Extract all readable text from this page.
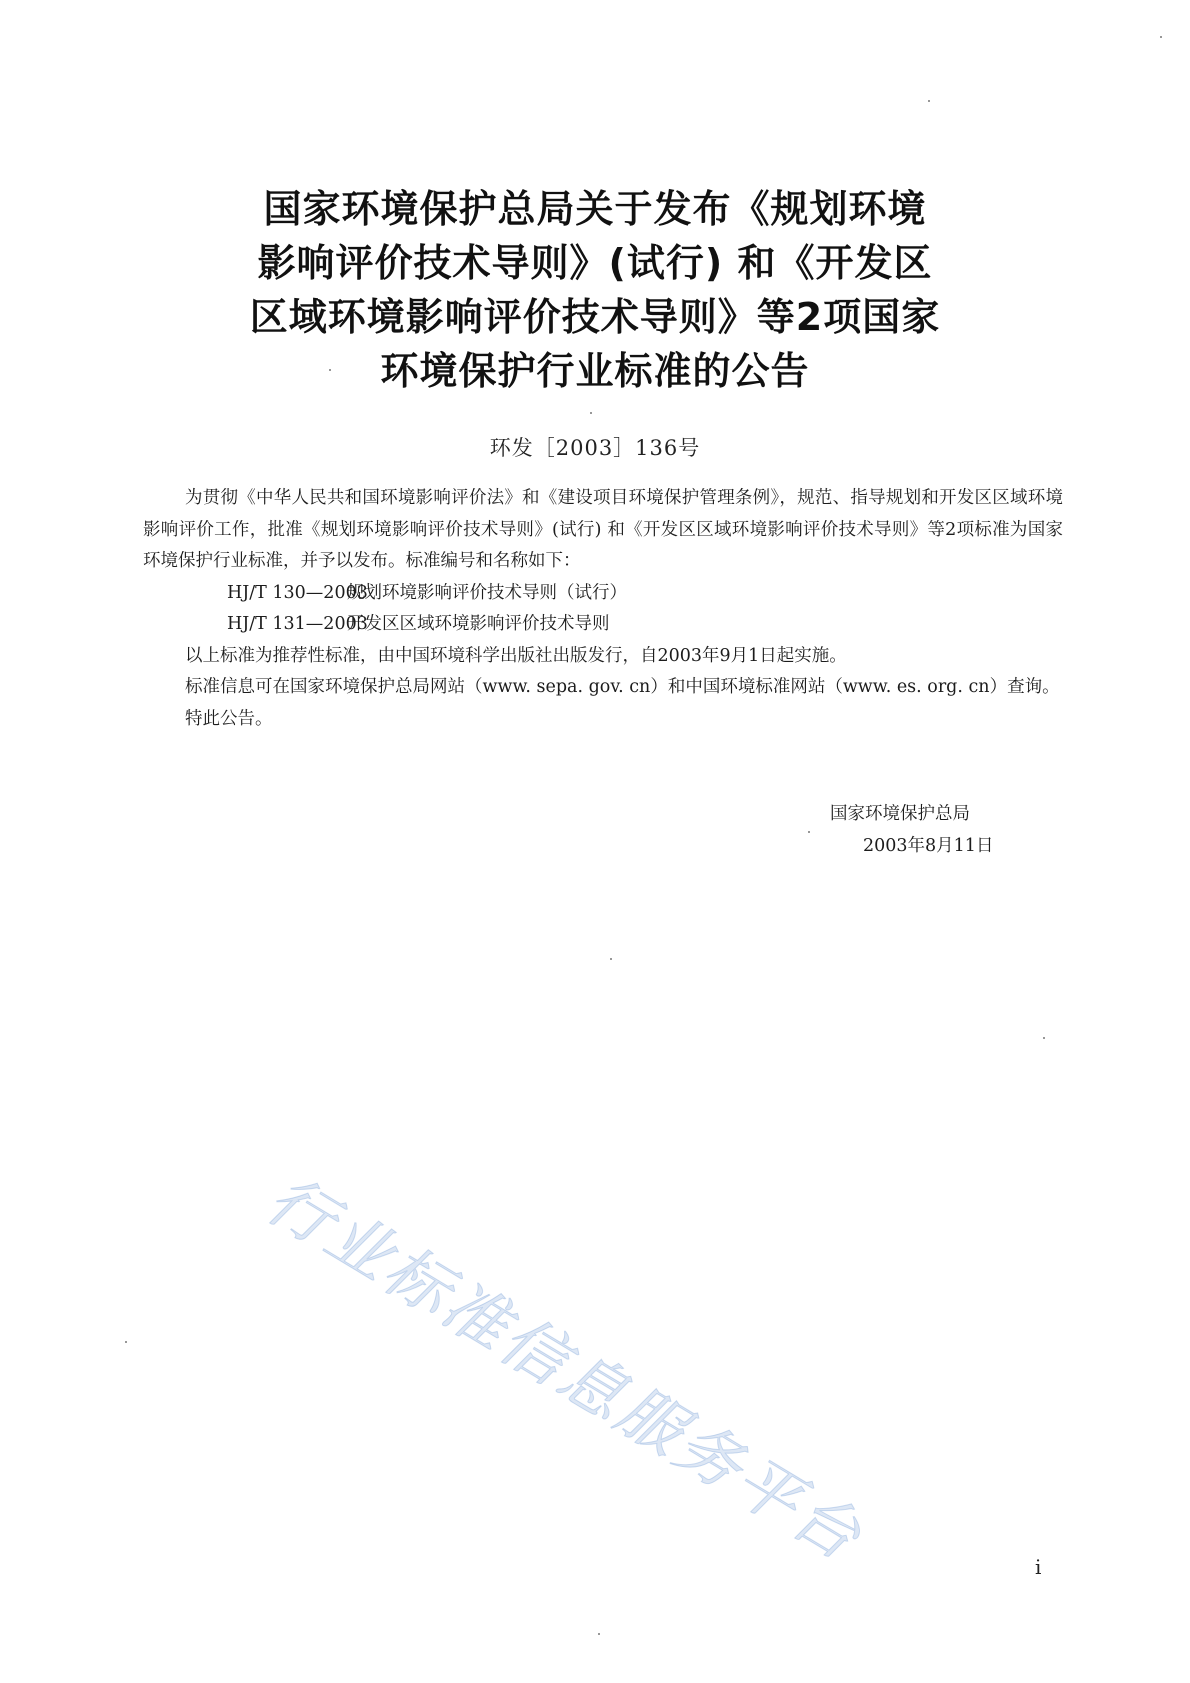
国家环境保护总局关于发布《规划环境
影响评价技术导则》(试行) 和《开发区
区域环境影响评价技术导则》等2项国家
环境保护行业标准的公告
环发［2003］136号

为贯彻《中华人民共和国环境影响评价法》和《建设项目环境保护管理条例》，规范、指导规划和开发区区域环境影响评价工作，批准《规划环境影响评价技术导则》(试行) 和《开发区区域环境影响评价技术导则》等2项标准为国家环境保护行业标准，并予以发布。标准编号和名称如下：

HJ/T 130—2003规划环境影响评价技术导则（试行）

HJ/T 131—2003开发区区域环境影响评价技术导则

以上标准为推荐性标准，由中国环境科学出版社出版发行，自2003年9月1日起实施。

标准信息可在国家环境保护总局网站（www. sepa. gov. cn）和中国环境标准网站（www. es. org. cn）查询。

特此公告。

国家环境保护总局
2003年8月11日
行业标准信息服务平台	i
